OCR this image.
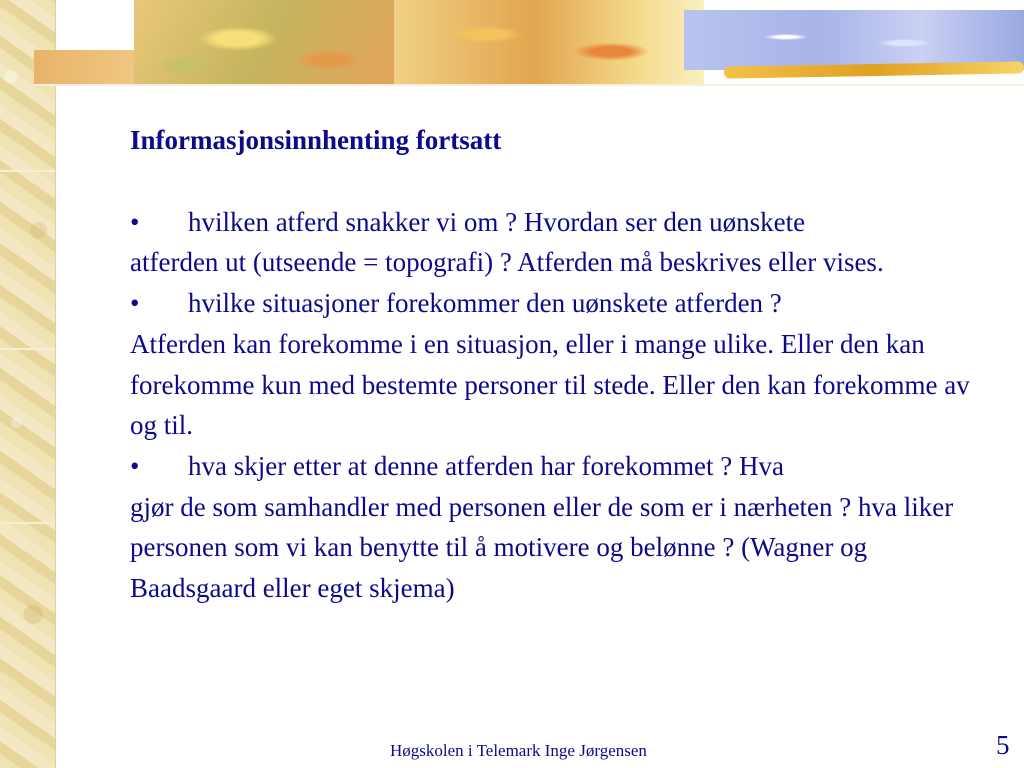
Informasjonsinnhenting fortsatt

• hvilken atferd snakker vi om ? Hvordan ser den uønskete
atferden ut (utseende = topografi) ? Atferden må beskrives eller vises.

• hvilke situasjoner forekommer den uønskete atferden ?
Atferden kan forekomme i en situasjon, eller i mange ulike. Eller den kan forekomme kun med bestemte personer til stede. Eller den kan forekomme av og til.

• hva skjer etter at denne atferden har forekommet ? Hva
gjør de som samhandler med personen eller de som er i nærheten ? hva liker personen som vi kan benytte til å motivere og belønne ? (Wagner og Baadsgaard eller eget skjema)

Høgskolen i Telemark Inge Jørgensen	5
